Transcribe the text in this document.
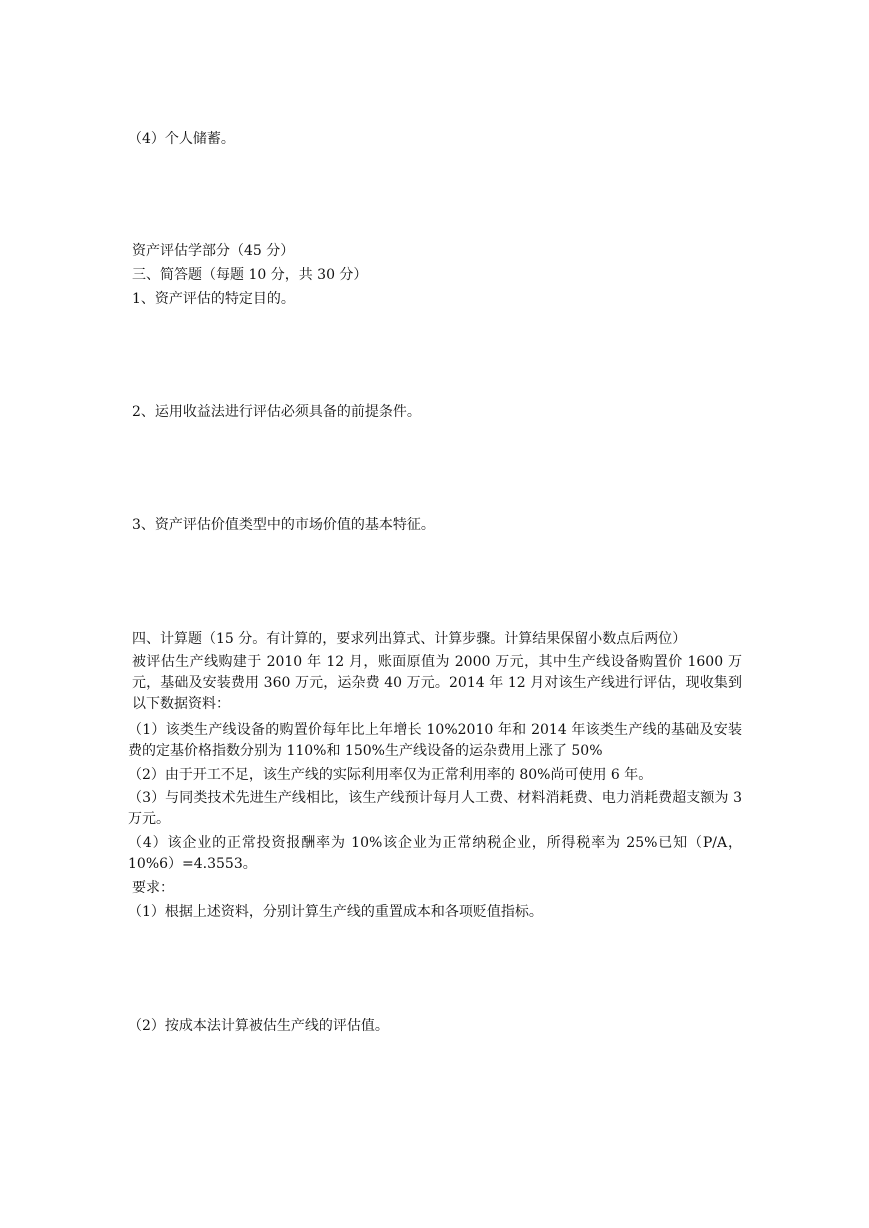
（4）个人储蓄。
资产评估学部分（45 分）
三、简答题（每题 10 分，共 30 分）
1、资产评估的特定目的。
2、运用收益法进行评估必须具备的前提条件。
3、资产评估价值类型中的市场价值的基本特征。
四、计算题（15 分。有计算的，要求列出算式、计算步骤。计算结果保留小数点后两位）
被评估生产线购建于 2010 年 12 月，账面原值为 2000 万元，其中生产线设备购置价 1600 万元，基础及安装费用 360 万元，运杂费 40 万元。2014 年 12 月对该生产线进行评估，现收集到以下数据资料：
（1）该类生产线设备的购置价每年比上年增长 10%2010 年和 2014 年该类生产线的基础及安装费的定基价格指数分别为 110%和 150%生产线设备的运杂费用上涨了 50%
（2）由于开工不足，该生产线的实际利用率仅为正常利用率的 80%尚可使用 6 年。
（3）与同类技术先进生产线相比，该生产线预计每月人工费、材料消耗费、电力消耗费超支额为 3 万元。
（4）该企业的正常投资报酬率为 10%该企业为正常纳税企业，所得税率为 25%已知（P/A，10%6）=4.3553。
要求：
（1）根据上述资料，分别计算生产线的重置成本和各项贬值指标。
（2）按成本法计算被估生产线的评估值。
